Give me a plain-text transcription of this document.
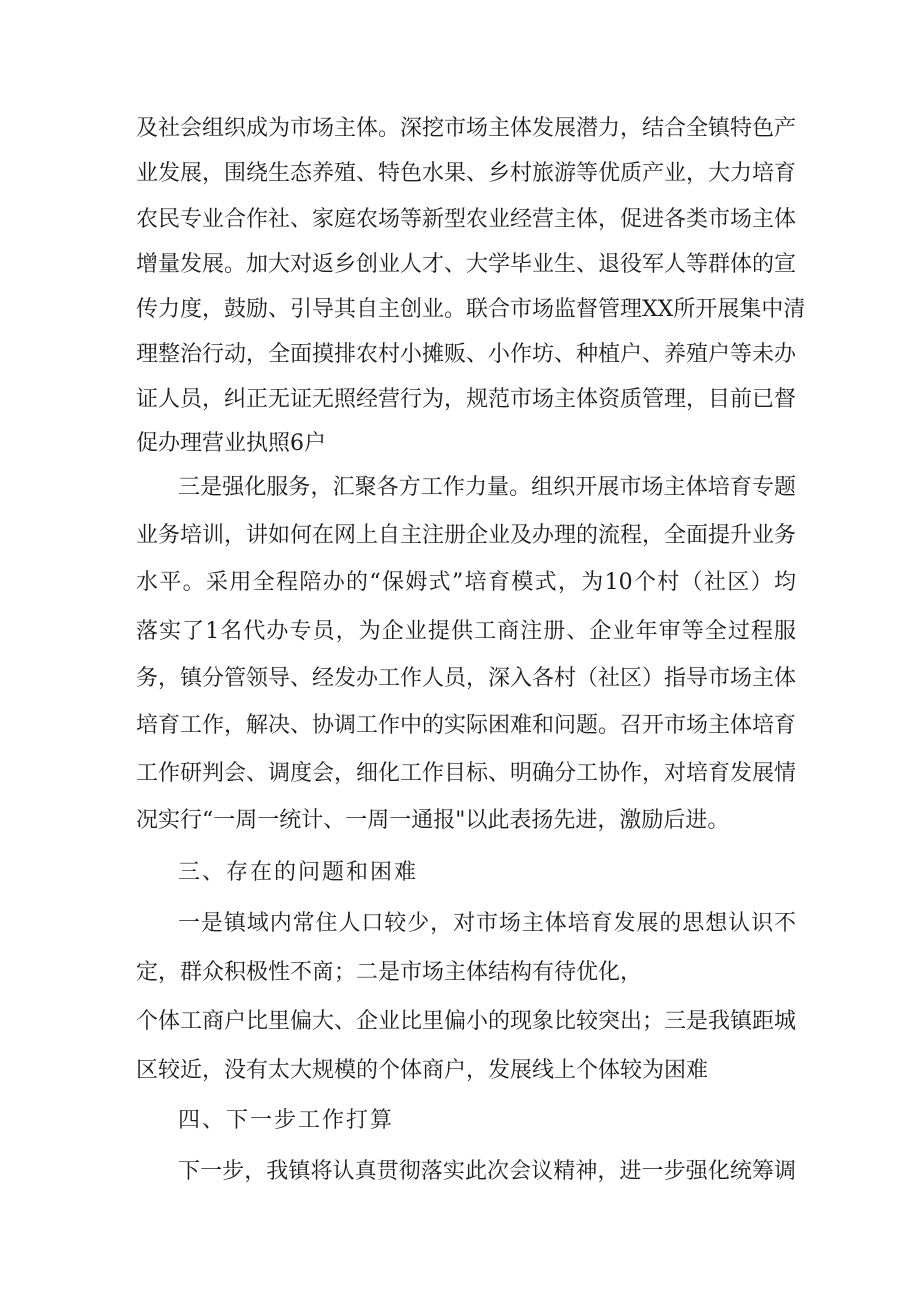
及社会组织成为市场主体。深挖市场主体发展潜力，结合全镇特色产
业发展，围绕生态养殖、特色水果、乡村旅游等优质产业，大力培育
农民专业合作社、家庭农场等新型农业经营主体，促进各类市场主体
增量发展。加大对返乡创业人才、大学毕业生、退役军人等群体的宣
传力度，鼓励、引导其自主创业。联合市场监督管理XX所开展集中清
理整治行动，全面摸排农村小摊贩、小作坊、种植户、养殖户等未办
证人员，纠正无证无照经营行为，规范市场主体资质管理，目前已督
促办理营业执照6户
三是强化服务，汇聚各方工作力量。组织开展市场主体培育专题
业务培训，讲如何在网上自主注册企业及办理的流程，全面提升业务
水平。采用全程陪办的“保姆式”培育模式，为10个村（社区）均
落实了1名代办专员，为企业提供工商注册、企业年审等全过程服
务，镇分管领导、经发办工作人员，深入各村（社区）指导市场主体
培育工作，解决、协调工作中的实际困难和问题。召开市场主体培育
工作研判会、调度会，细化工作目标、明确分工协作，对培育发展情
况实行“一周一统计、一周一通报"以此表扬先进，激励后进。
三、存在的问题和困难
一是镇域内常住人口较少，对市场主体培育发展的思想认识不
定，群众积极性不啇；二是市场主体结构有待优化，
个体工商户比里偏大、企业比里偏小的现象比较突出；三是我镇距城
区较近，没有太大规模的个体商户，发展线上个体较为困难
四、下一步工作打算
下一步，我镇将认真贯彻落实此次会议精神，进一步强化统筹调
